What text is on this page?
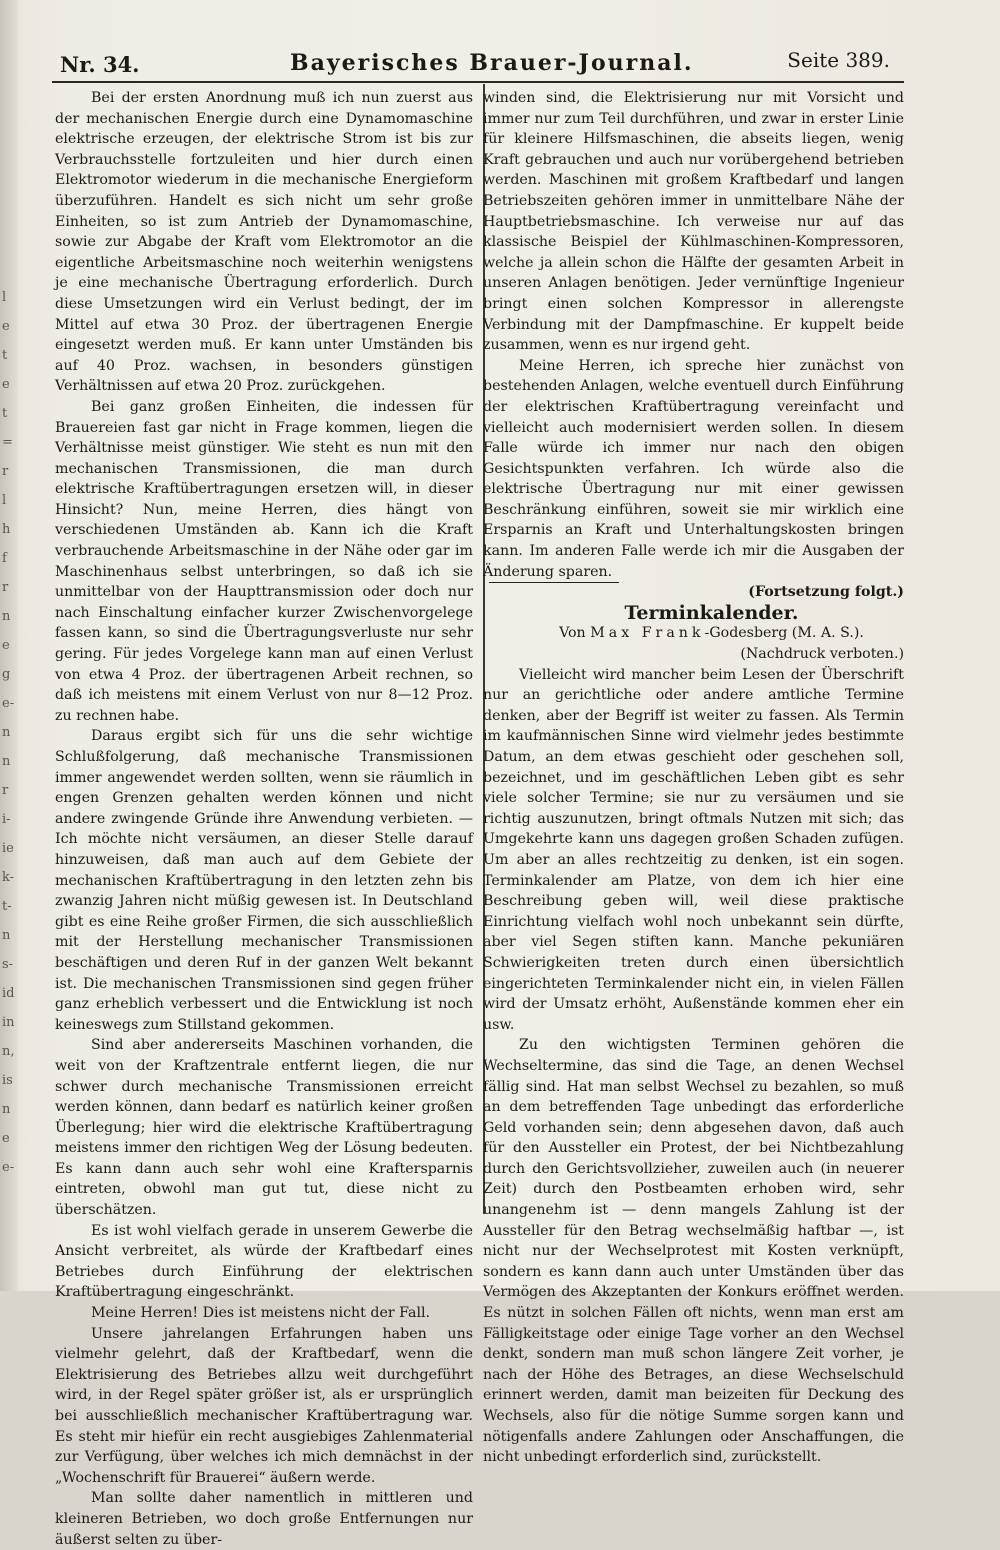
l
e
t
e
t
=
r
l
h
f
r
n
e
g
e-
n
n
r
i-
ie
k-
t-
n
s-
id
in
n,
is
n
e
e-
Nr. 34.	Bayerisches Brauer-Journal.	Seite 389.

Bei der ersten Anordnung muß ich nun zuerst aus der mechanischen Energie durch eine Dynamomaschine elektrische erzeugen, der elektrische Strom ist bis zur Verbrauchsstelle fortzuleiten und hier durch einen Elektromotor wiederum in die mechanische Energieform überzuführen. Handelt es sich nicht um sehr große Einheiten, so ist zum Antrieb der Dynamomaschine, sowie zur Abgabe der Kraft vom Elektromotor an die eigentliche Arbeitsmaschine noch weiterhin wenigstens je eine mechanische Übertragung erforderlich. Durch diese Umsetzungen wird ein Verlust bedingt, der im Mittel auf etwa 30 Proz. der übertragenen Energie eingesetzt werden muß. Er kann unter Umständen bis auf 40 Proz. wachsen, in besonders günstigen Verhältnissen auf etwa 20 Proz. zurückgehen.

Bei ganz großen Einheiten, die indessen für Brauereien fast gar nicht in Frage kommen, liegen die Verhältnisse meist günstiger. Wie steht es nun mit den mechanischen Transmissionen, die man durch elektrische Kraftübertragungen ersetzen will, in dieser Hinsicht? Nun, meine Herren, dies hängt von verschiedenen Umständen ab. Kann ich die Kraft verbrauchende Arbeitsmaschine in der Nähe oder gar im Maschinenhaus selbst unterbringen, so daß ich sie unmittelbar von der Haupttransmission oder doch nur nach Einschaltung einfacher kurzer Zwischenvorgelege fassen kann, so sind die Übertragungsverluste nur sehr gering. Für jedes Vorgelege kann man auf einen Verlust von etwa 4 Proz. der übertragenen Arbeit rechnen, so daß ich meistens mit einem Verlust von nur 8—12 Proz. zu rechnen habe.

Daraus ergibt sich für uns die sehr wichtige Schlußfolgerung, daß mechanische Transmissionen immer angewendet werden sollten, wenn sie räumlich in engen Grenzen gehalten werden können und nicht andere zwingende Gründe ihre Anwendung verbieten. — Ich möchte nicht versäumen, an dieser Stelle darauf hinzuweisen, daß man auch auf dem Gebiete der mechanischen Kraftübertragung in den letzten zehn bis zwanzig Jahren nicht müßig gewesen ist. In Deutschland gibt es eine Reihe großer Firmen, die sich ausschließlich mit der Herstellung mechanischer Transmissionen beschäftigen und deren Ruf in der ganzen Welt bekannt ist. Die mechanischen Transmissionen sind gegen früher ganz erheblich verbessert und die Entwicklung ist noch keineswegs zum Stillstand gekommen.

Sind aber andererseits Maschinen vorhanden, die weit von der Kraftzentrale entfernt liegen, die nur schwer durch mechanische Transmissionen erreicht werden können, dann bedarf es natürlich keiner großen Überlegung; hier wird die elektrische Kraftübertragung meistens immer den richtigen Weg der Lösung bedeuten. Es kann dann auch sehr wohl eine Kraftersparnis eintreten, obwohl man gut tut, diese nicht zu überschätzen.

Es ist wohl vielfach gerade in unserem Gewerbe die Ansicht verbreitet, als würde der Kraftbedarf eines Betriebes durch Einführung der elektrischen Kraftübertragung eingeschränkt.

Meine Herren! Dies ist meistens nicht der Fall.

Unsere jahrelangen Erfahrungen haben uns vielmehr gelehrt, daß der Kraftbedarf, wenn die Elektrisierung des Betriebes allzu weit durchgeführt wird, in der Regel später größer ist, als er ursprünglich bei ausschließlich mechanischer Kraftübertragung war. Es steht mir hiefür ein recht ausgiebiges Zahlenmaterial zur Verfügung, über welches ich mich demnächst in der „Wochenschrift für Brauerei“ äußern werde.

Man sollte daher namentlich in mittleren und kleineren Betrieben, wo doch große Entfernungen nur äußerst selten zu über-

winden sind, die Elektrisierung nur mit Vorsicht und immer nur zum Teil durchführen, und zwar in erster Linie für kleinere Hilfsmaschinen, die abseits liegen, wenig Kraft gebrauchen und auch nur vorübergehend betrieben werden. Maschinen mit großem Kraftbedarf und langen Betriebszeiten gehören immer in unmittelbare Nähe der Hauptbetriebsmaschine. Ich verweise nur auf das klassische Beispiel der Kühlmaschinen-Kompressoren, welche ja allein schon die Hälfte der gesamten Arbeit in unseren Anlagen benötigen. Jeder vernünftige Ingenieur bringt einen solchen Kompressor in allerengste Verbindung mit der Dampfmaschine. Er kuppelt beide zusammen, wenn es nur irgend geht.

Meine Herren, ich spreche hier zunächst von bestehenden Anlagen, welche eventuell durch Einführung der elektrischen Kraftübertragung vereinfacht und vielleicht auch modernisiert werden sollen. In diesem Falle würde ich immer nur nach den obigen Gesichtspunkten verfahren. Ich würde also die elektrische Übertragung nur mit einer gewissen Beschränkung einführen, soweit sie mir wirklich eine Ersparnis an Kraft und Unterhaltungskosten bringen kann. Im anderen Falle werde ich mir die Ausgaben der Änderung sparen.

(Fortsetzung folgt.)

Terminkalender.

Von Max Frank-Godesberg (M. A. S.).

(Nachdruck verboten.)

Vielleicht wird mancher beim Lesen der Überschrift nur an gerichtliche oder andere amtliche Termine denken, aber der Begriff ist weiter zu fassen. Als Termin im kaufmännischen Sinne wird vielmehr jedes bestimmte Datum, an dem etwas geschieht oder geschehen soll, bezeichnet, und im geschäftlichen Leben gibt es sehr viele solcher Termine; sie nur zu versäumen und sie richtig auszunutzen, bringt oftmals Nutzen mit sich; das Umgekehrte kann uns dagegen großen Schaden zufügen. Um aber an alles rechtzeitig zu denken, ist ein sogen. Terminkalender am Platze, von dem ich hier eine Beschreibung geben will, weil diese praktische Einrichtung vielfach wohl noch unbekannt sein dürfte, aber viel Segen stiften kann. Manche pekuniären Schwierigkeiten treten durch einen übersichtlich eingerichteten Terminkalender nicht ein, in vielen Fällen wird der Umsatz erhöht, Außenstände kommen eher ein usw.

Zu den wichtigsten Terminen gehören die Wechseltermine, das sind die Tage, an denen Wechsel fällig sind. Hat man selbst Wechsel zu bezahlen, so muß an dem betreffenden Tage unbedingt das erforderliche Geld vorhanden sein; denn abgesehen davon, daß auch für den Aussteller ein Protest, der bei Nichtbezahlung durch den Gerichtsvollzieher, zuweilen auch (in neuerer Zeit) durch den Postbeamten erhoben wird, sehr unangenehm ist — denn mangels Zahlung ist der Aussteller für den Betrag wechselmäßig haftbar —, ist nicht nur der Wechselprotest mit Kosten verknüpft, sondern es kann dann auch unter Umständen über das Vermögen des Akzeptanten der Konkurs eröffnet werden. Es nützt in solchen Fällen oft nichts, wenn man erst am Fälligkeitstage oder einige Tage vorher an den Wechsel denkt, sondern man muß schon längere Zeit vorher, je nach der Höhe des Betrages, an diese Wechselschuld erinnert werden, damit man beizeiten für Deckung des Wechsels, also für die nötige Summe sorgen kann und nötigenfalls andere Zahlungen oder Anschaffungen, die nicht unbedingt erforderlich sind, zurückstellt.
